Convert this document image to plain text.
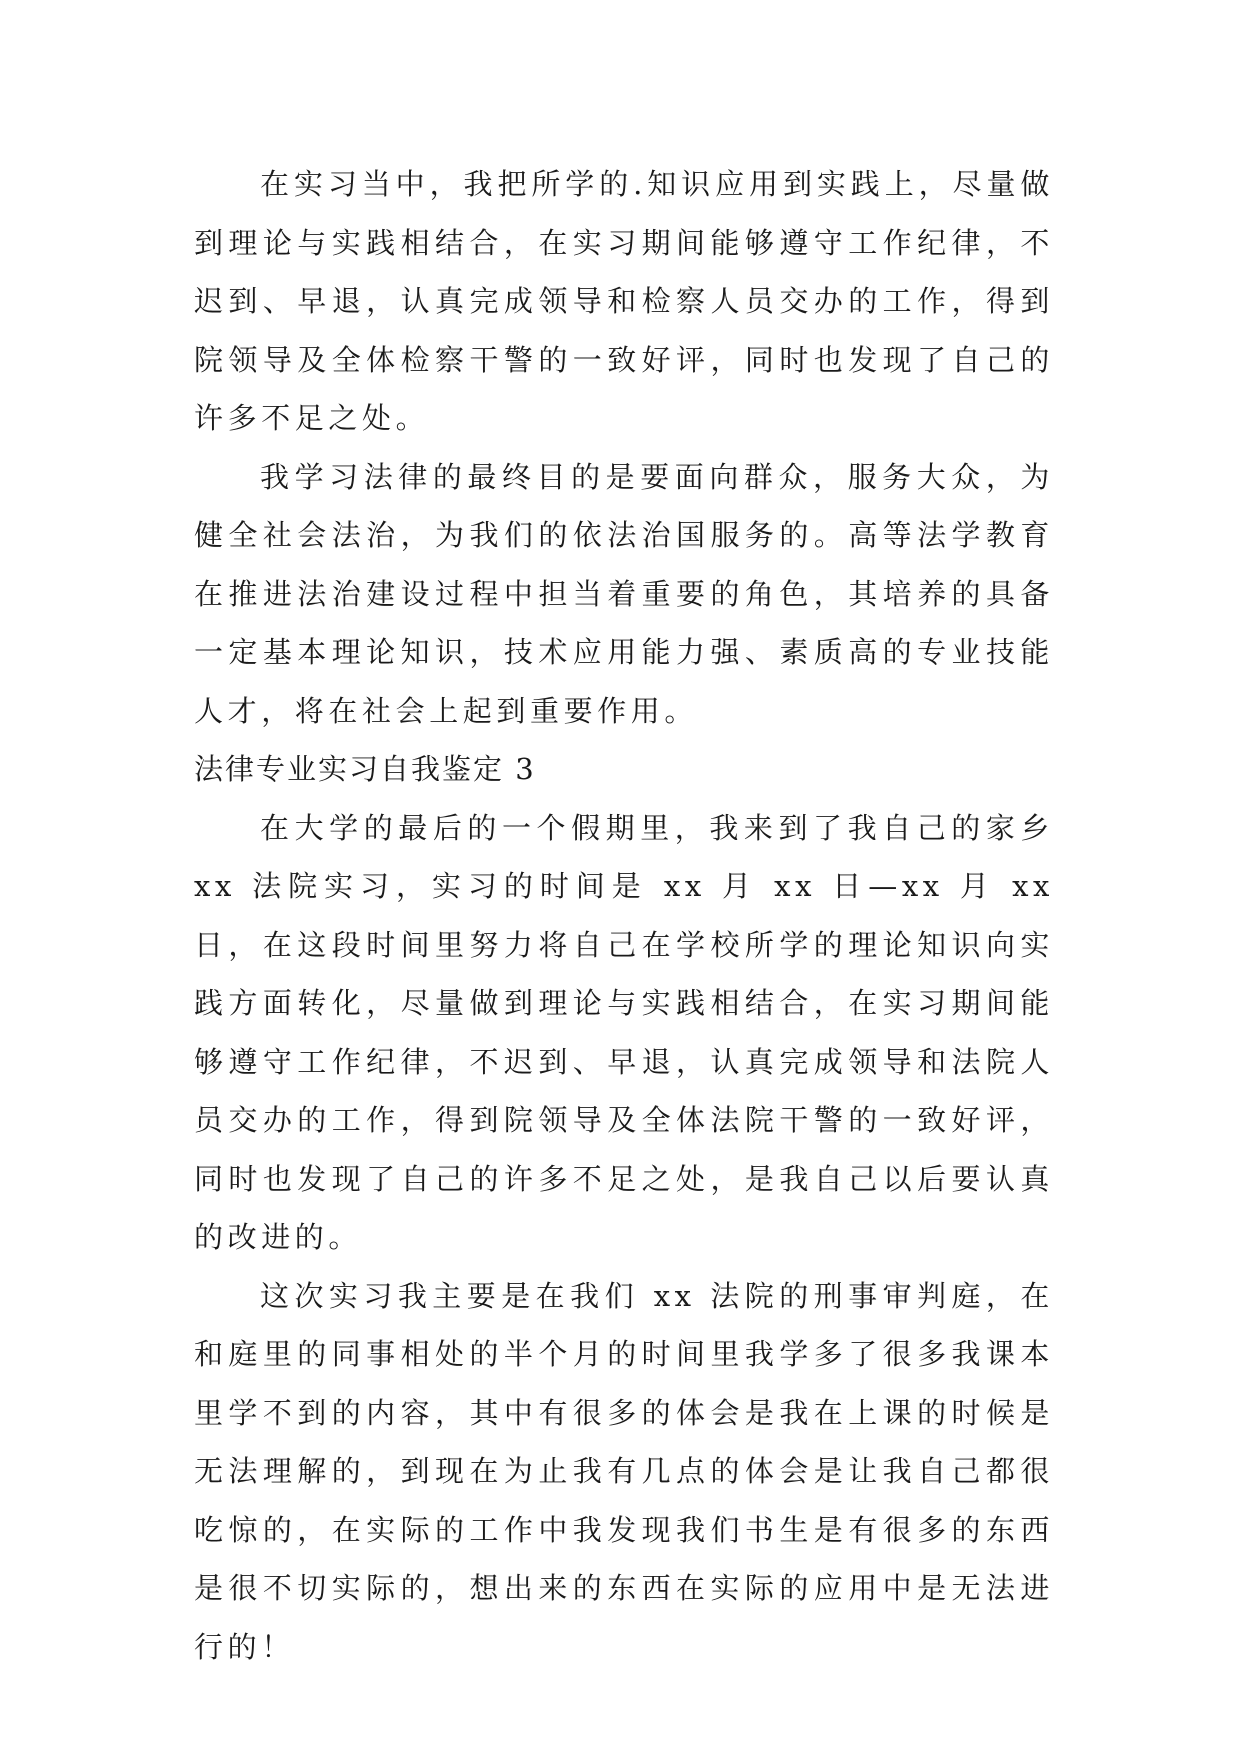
在实习当中，我把所学的.知识应用到实践上，尽量做到理论与实践相结合，在实习期间能够遵守工作纪律，不迟到、早退，认真完成领导和检察人员交办的工作，得到院领导及全体检察干警的一致好评，同时也发现了自己的许多不足之处。

我学习法律的最终目的是要面向群众，服务大众，为健全社会法治，为我们的依法治国服务的。高等法学教育在推进法治建设过程中担当着重要的角色，其培养的具备一定基本理论知识，技术应用能力强、素质高的专业技能人才，将在社会上起到重要作用。

法律专业实习自我鉴定 3

在大学的最后的一个假期里，我来到了我自己的家乡 xx 法院实习，实习的时间是 xx 月 xx 日—xx 月 xx 日，在这段时间里努力将自己在学校所学的理论知识向实践方面转化，尽量做到理论与实践相结合，在实习期间能够遵守工作纪律，不迟到、早退，认真完成领导和法院人员交办的工作，得到院领导及全体法院干警的一致好评，同时也发现了自己的许多不足之处，是我自己以后要认真的改进的。

这次实习我主要是在我们 xx 法院的刑事审判庭，在和庭里的同事相处的半个月的时间里我学多了很多我课本里学不到的内容，其中有很多的体会是我在上课的时候是无法理解的，到现在为止我有几点的体会是让我自己都很吃惊的，在实际的工作中我发现我们书生是有很多的东西是很不切实际的，想出来的东西在实际的应用中是无法进行的！
